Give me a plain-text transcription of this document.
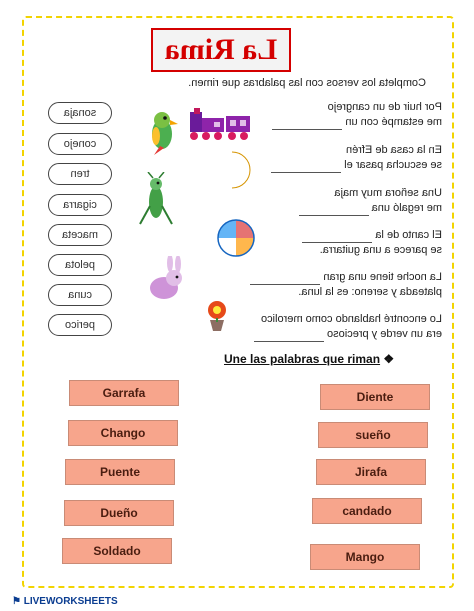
La Rima
Completa los versos con las palabras que rimen.
sonaja
conejo
tren
cigarra
maceta
pelota
cuna
perico
Por huir de un cangrejo
me estampé con un
En la casa de Efrén
se escucha pasar el
Una señora muy maja
me regaló una
El canto de la
se parece a una guitarra.
La noche tiene una gran
plateada y sereno: es la luna.
Lo encontré hablando como merolico
era un verde y precioso
Une las palabras que riman ❖
Garrafa
Chango
Puente
Dueño
Soldado
Diente
sueño
Jirafa
candado
Mango
⚑ LIVEWORKSHEETS
